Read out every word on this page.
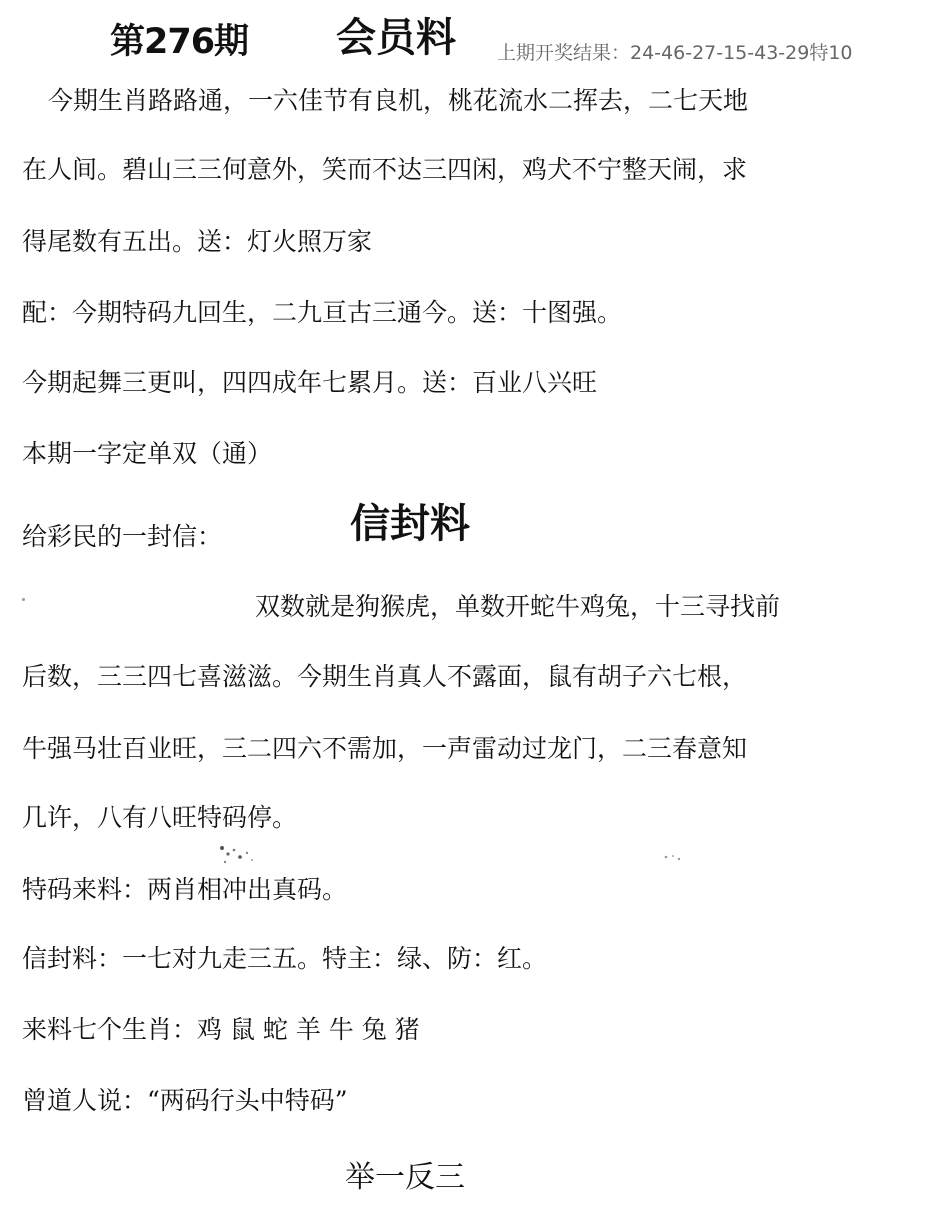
第276期 会员料 上期开奖结果：24-46-27-15-43-29特10
今期生肖路路通，一六佳节有良机，桃花流水二挥去，二七天地
在人间。碧山三三何意外，笑而不达三四闲，鸡犬不宁整天闹，求
得尾数有五出。送：灯火照万家
配：今期特码九回生，二九亘古三通今。送：十图强。
今期起舞三更叫，四四成年七累月。送：百业八兴旺
本期一字定单双（通）
给彩民的一封信：	信封料
双数就是狗猴虎，单数开蛇牛鸡兔，十三寻找前
后数，三三四七喜滋滋。今期生肖真人不露面，鼠有胡子六七根，
牛强马壮百业旺，三二四六不需加，一声雷动过龙门，二三春意知
几许，八有八旺特码停。
特码来料：两肖相冲出真码。
信封料：一七对九走三五。特主：绿、防：红。
来料七个生肖：鸡 鼠 蛇 羊 牛 兔 猪
曾道人说：“两码行头中特码”
举一反三
